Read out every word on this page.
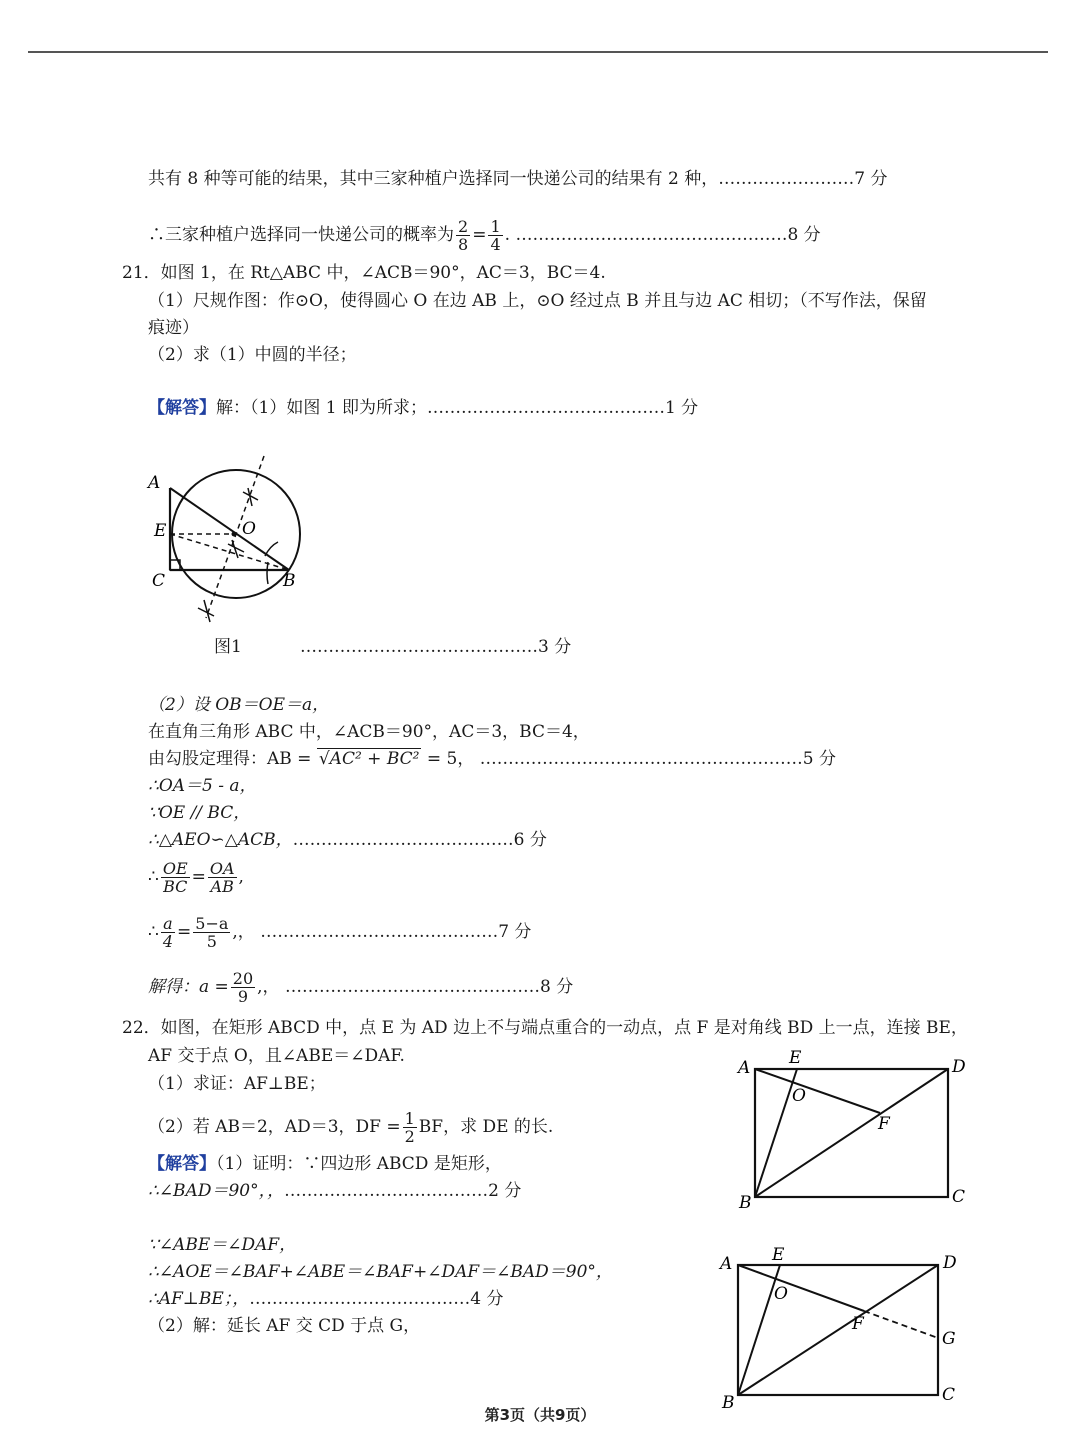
共有 8 种等可能的结果，其中三家种植户选择同一快递公司的结果有 2 种，……………………7 分
∴三家种植户选择同一快递公司的概率为 $\frac{2}{8} = \frac{1}{4}$ . …………………………………………8 分
21．如图 1，在 Rt△ABC 中，∠ACB＝90°，AC＝3，BC＝4.
（1）尺规作图：作⊙O，使得圆心 O 在边 AB 上，⊙O 经过点 B 并且与边 AC 相切；（不写作法，保留
痕迹）
（2）求（1）中圆的半径；
【解答】解：（1）如图 1 即为所求；……………………………………1 分
A
E	O
C	B
图1	……………………………………3 分
（2）设 OB＝OE＝a，
在直角三角形 ABC 中，∠ACB＝90°，AC＝3，BC＝4，
由勾股定理得：AB = √AC² + BC² = 5， …………………………………………………5 分
∴OA＝5 - a，
∵OE // BC，
∴△AEO∽△ACB，…………………………………6 分
∴ $\frac{OE}{BC} = \frac{OA}{AB}$ ,
∴ $\frac{a}{4} = \frac{5-a}{5}$ ,， ……………………………………7 分
解得：$a = \frac{20}{9}$ ,， ………………………………………8 分
22．如图，在矩形 ABCD 中，点 E 为 AD 边上不与端点重合的一动点，点 F 是对角线 BD 上一点，连接 BE，
AF 交于点 O，且∠ABE＝∠DAF.
（1）求证：AF⊥BE；
（2）若 AB＝2，AD＝3，DF = $\frac{1}{2}$ BF，求 DE 的长.
【解答】（1）证明：∵四边形 ABCD 是矩形，
∴∠BAD＝90°，，………………………………2 分
∵∠ABE＝∠DAF，
∴∠AOE＝∠BAF+∠ABE＝∠BAF+∠DAF＝∠BAD＝90°，
∴AF⊥BE；，…………………………………4 分
（2）解：延长 AF 交 CD 于点 G，
A E	D
O
F
B	C
A E	D
O
F
G
B	C
第3页（共9页）
